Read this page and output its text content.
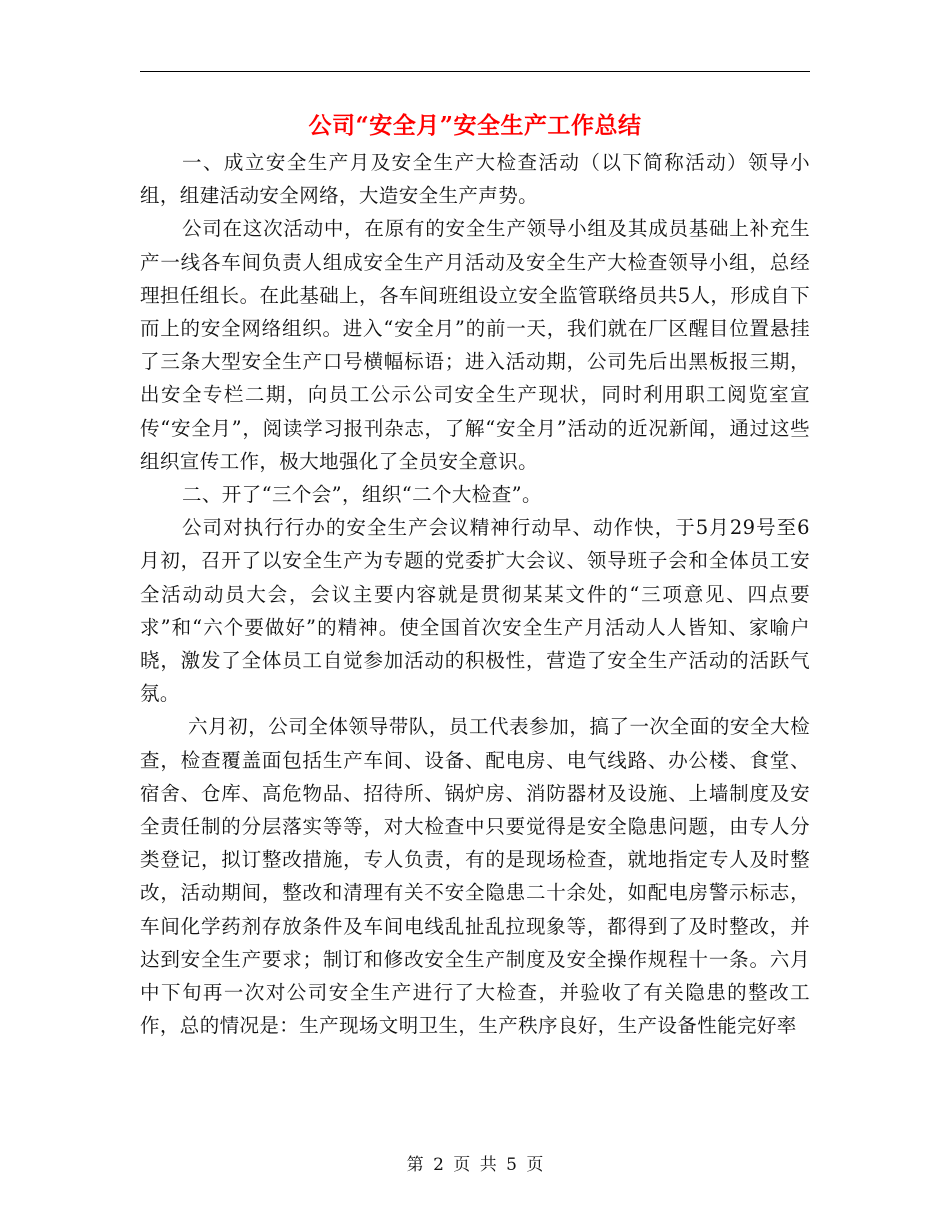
公司“安全月”安全生产工作总结

一、成立安全生产月及安全生产大检查活动（以下简称活动）领导小组，组建活动安全网络，大造安全生产声势。

公司在这次活动中，在原有的安全生产领导小组及其成员基础上补充生产一线各车间负责人组成安全生产月活动及安全生产大检查领导小组，总经理担任组长。在此基础上，各车间班组设立安全监管联络员共5人，形成自下而上的安全网络组织。进入“安全月”的前一天，我们就在厂区醒目位置悬挂了三条大型安全生产口号横幅标语；进入活动期，公司先后出黑板报三期，出安全专栏二期，向员工公示公司安全生产现状，同时利用职工阅览室宣传“安全月”，阅读学习报刊杂志，了解“安全月”活动的近况新闻，通过这些组织宣传工作，极大地强化了全员安全意识。

二、开了“三个会”，组织“二个大检查”。

公司对执行行办的安全生产会议精神行动早、动作快，于5月29号至6月初，召开了以安全生产为专题的党委扩大会议、领导班子会和全体员工安全活动动员大会，会议主要内容就是贯彻某某文件的“三项意见、四点要求”和“六个要做好”的精神。使全国首次安全生产月活动人人皆知、家喻户晓，激发了全体员工自觉参加活动的积极性，营造了安全生产活动的活跃气氛。

六月初，公司全体领导带队，员工代表参加，搞了一次全面的安全大检查，检查覆盖面包括生产车间、设备、配电房、电气线路、办公楼、食堂、宿舍、仓库、高危物品、招待所、锅炉房、消防器材及设施、上墙制度及安全责任制的分层落实等等，对大检查中只要觉得是安全隐患问题，由专人分类登记，拟订整改措施，专人负责，有的是现场检查，就地指定专人及时整改，活动期间，整改和清理有关不安全隐患二十余处，如配电房警示标志，车间化学药剂存放条件及车间电线乱扯乱拉现象等，都得到了及时整改，并达到安全生产要求；制订和修改安全生产制度及安全操作规程十一条。六月中下旬再一次对公司安全生产进行了大检查，并验收了有关隐患的整改工作，总的情况是：生产现场文明卫生，生产秩序良好，生产设备性能完好率

第 2 页 共 5 页
